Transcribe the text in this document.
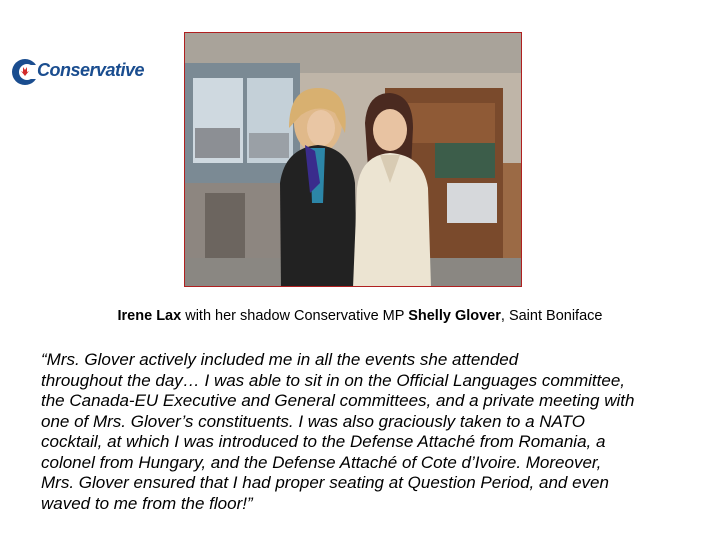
Conservative
Irene Lax with her shadow Conservative MP Shelly Glover, Saint Boniface
“Mrs. Glover actively included me in all the events she attended
throughout the day… I was able to sit in on the Official Languages committee,
the Canada-EU Executive and General committees, and a private meeting with
one of Mrs. Glover’s constituents. I was also graciously taken to a NATO
cocktail, at which I was introduced to the Defense Attaché from Romania, a
colonel from Hungary, and the Defense Attaché of Cote d’Ivoire. Moreover,
Mrs. Glover ensured that I had proper seating at Question Period, and even
waved to me from the floor!”
